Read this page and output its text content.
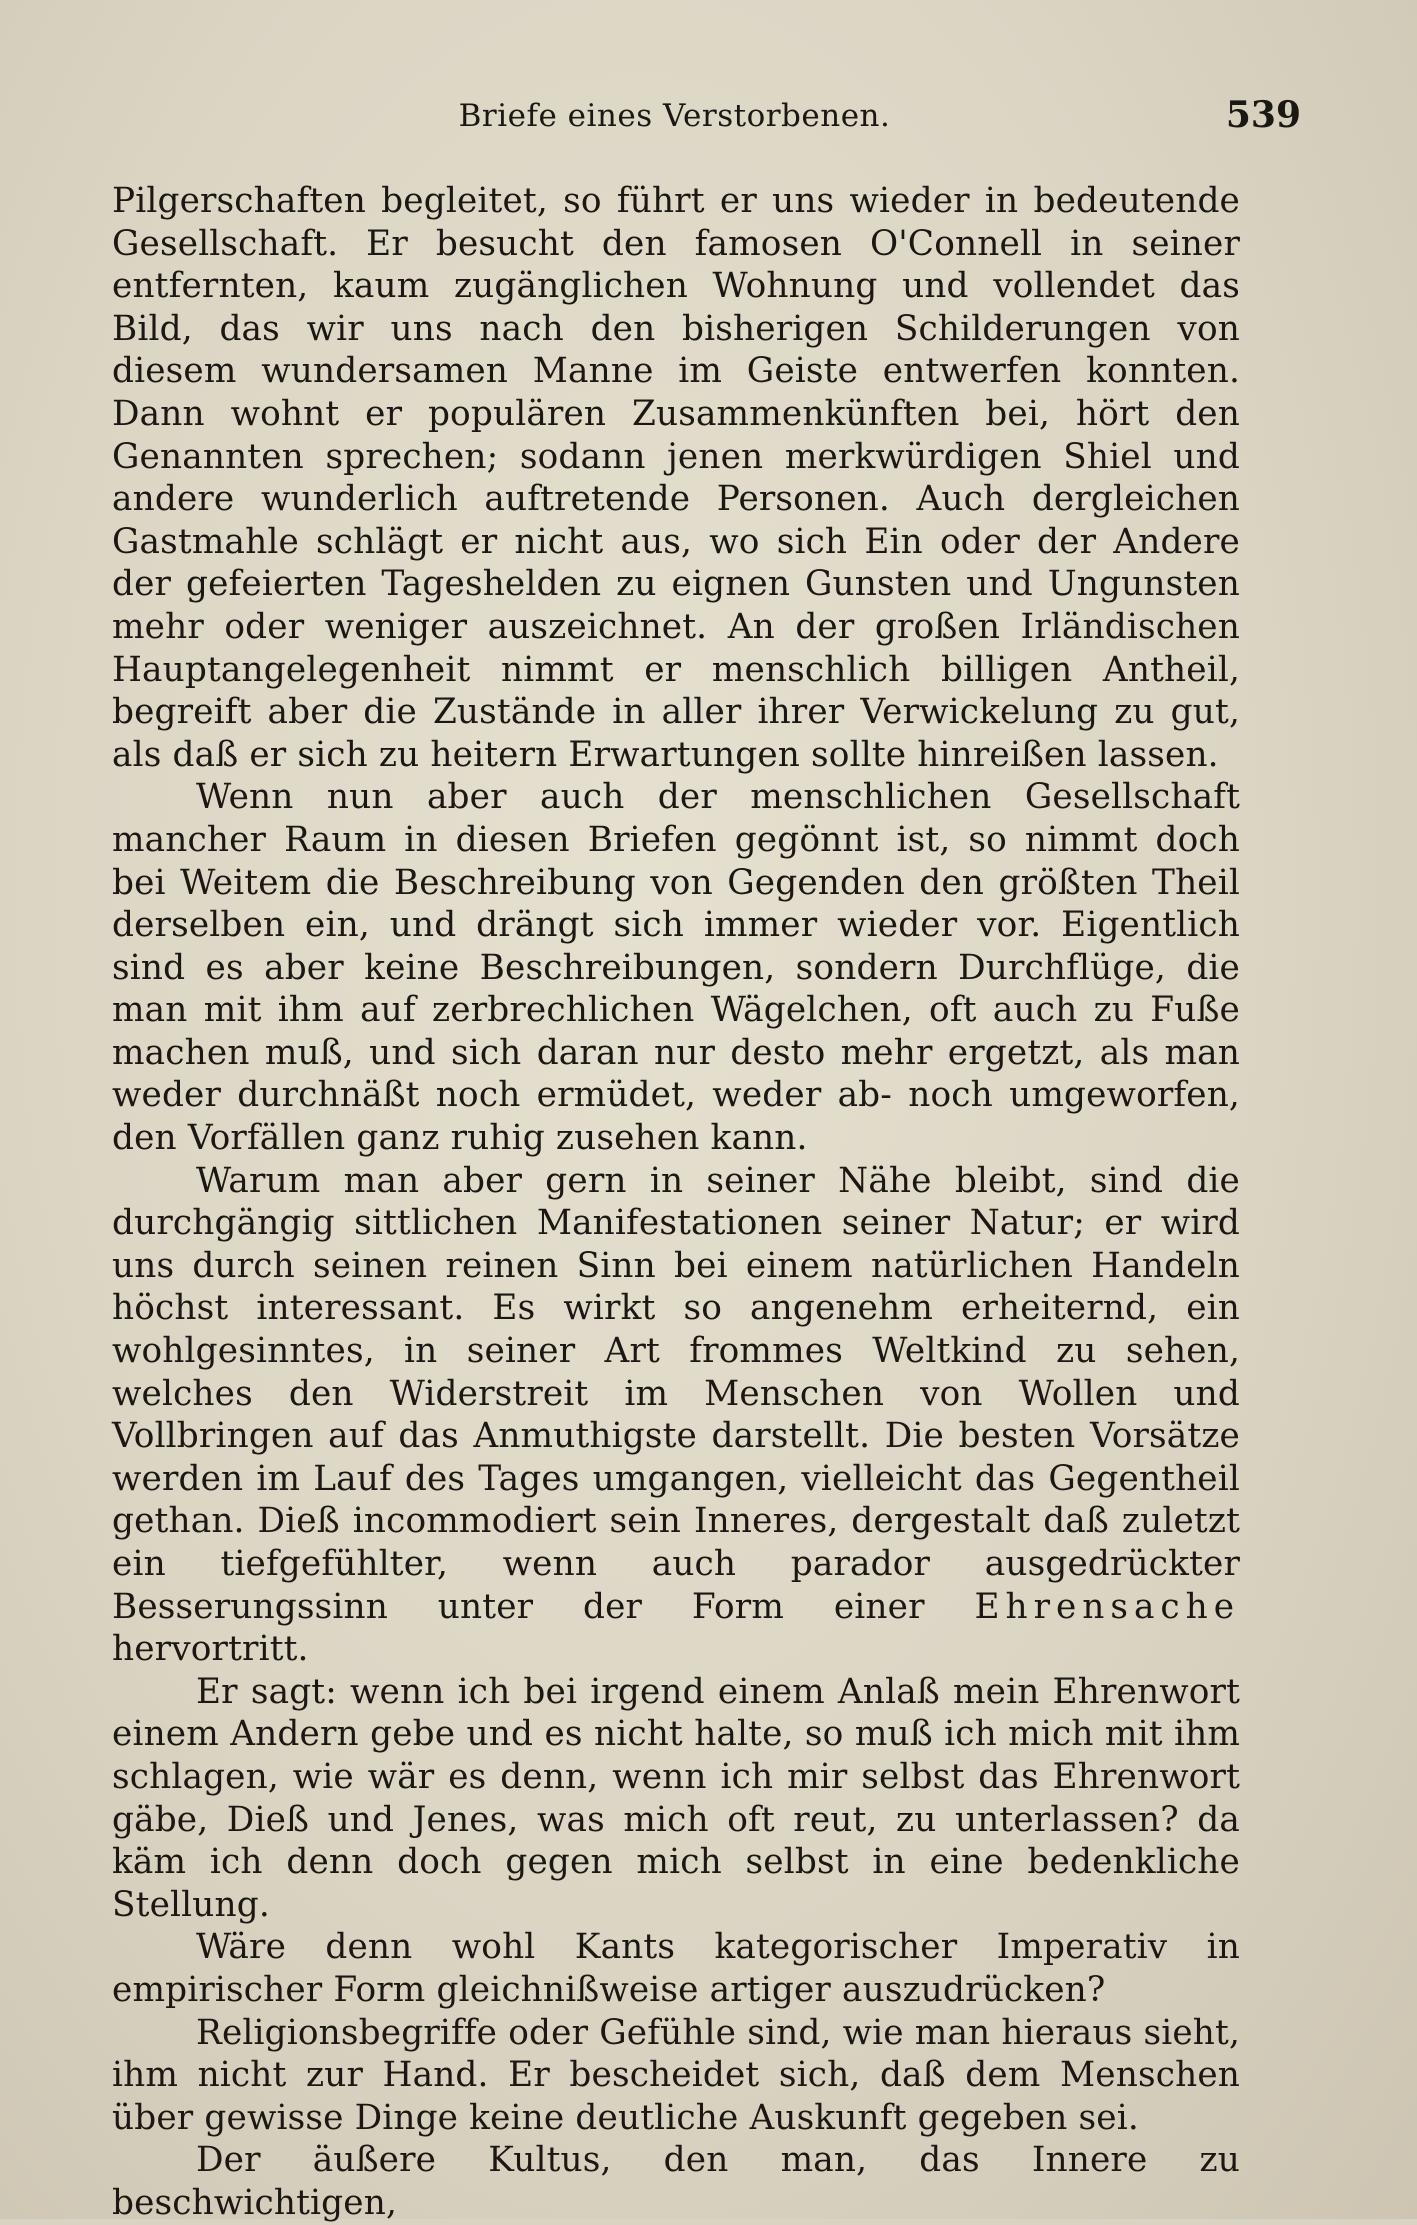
Briefe eines Verstorbenen.	539

Pilgerschaften begleitet, so führt er uns wieder in bedeutende Gesellschaft. Er besucht den famosen O'Connell in seiner entfernten, kaum zugänglichen Wohnung und vollendet das Bild, das wir uns nach den bisherigen Schilderungen von diesem wundersamen Manne im Geiste entwerfen konnten. Dann wohnt er populären Zusammenkünften bei, hört den Genannten sprechen; sodann jenen merkwürdigen Shiel und andere wunderlich auftretende Personen. Auch dergleichen Gastmahle schlägt er nicht aus, wo sich Ein oder der Andere der gefeierten Tageshelden zu eignen Gunsten und Ungunsten mehr oder weniger auszeichnet. An der großen Irländischen Hauptangelegenheit nimmt er menschlich billigen Antheil, begreift aber die Zustände in aller ihrer Verwickelung zu gut, als daß er sich zu heitern Erwartungen sollte hinreißen lassen.

Wenn nun aber auch der menschlichen Gesellschaft mancher Raum in diesen Briefen gegönnt ist, so nimmt doch bei Weitem die Beschreibung von Gegenden den größten Theil derselben ein, und drängt sich immer wieder vor. Eigentlich sind es aber keine Beschreibungen, sondern Durchflüge, die man mit ihm auf zerbrechlichen Wägelchen, oft auch zu Fuße machen muß, und sich daran nur desto mehr ergetzt, als man weder durchnäßt noch ermüdet, weder ab- noch umgeworfen, den Vorfällen ganz ruhig zusehen kann.

Warum man aber gern in seiner Nähe bleibt, sind die durchgängig sittlichen Manifestationen seiner Natur; er wird uns durch seinen reinen Sinn bei einem natürlichen Handeln höchst interessant. Es wirkt so angenehm erheiternd, ein wohlgesinntes, in seiner Art frommes Weltkind zu sehen, welches den Widerstreit im Menschen von Wollen und Vollbringen auf das Anmuthigste darstellt. Die besten Vorsätze werden im Lauf des Tages umgangen, vielleicht das Gegentheil gethan. Dieß incommodiert sein Inneres, dergestalt daß zuletzt ein tiefgefühlter, wenn auch parador ausgedrückter Besserungssinn unter der Form einer Ehrensache hervortritt.

Er sagt: wenn ich bei irgend einem Anlaß mein Ehrenwort einem Andern gebe und es nicht halte, so muß ich mich mit ihm schlagen, wie wär es denn, wenn ich mir selbst das Ehrenwort gäbe, Dieß und Jenes, was mich oft reut, zu unterlassen? da käm ich denn doch gegen mich selbst in eine bedenkliche Stellung.

Wäre denn wohl Kants kategorischer Imperativ in empirischer Form gleichnißweise artiger auszudrücken?

Religionsbegriffe oder Gefühle sind, wie man hieraus sieht, ihm nicht zur Hand. Er bescheidet sich, daß dem Menschen über gewisse Dinge keine deutliche Auskunft gegeben sei.

Der äußere Kultus, den man, das Innere zu beschwichtigen,
